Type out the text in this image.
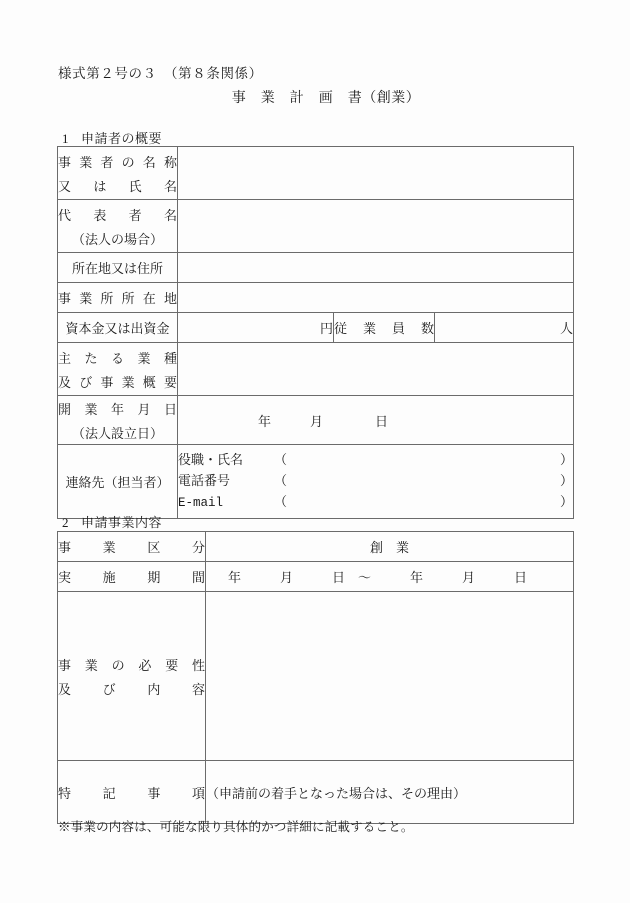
様式第２号の３　（第８条関係）
事　業　計　画　書（創業）
1 申請者の概要
事業者の名称
又は氏名			

代表者名
（法人の場合）			

所在地又は住所			

事業所所在地			

資本金又は出資金	円	従業員数	人

主たる業種
及び事業概要			

開業年月日
（法人設立日）	年　　　月　　　　日		

連絡先（担当者）

役職・氏名	（	）
電話番号	（	）
E-mail	（	）
2 申請事業内容
事業区分	創　業

実施期間	年　　　月　　　日　～　　　年　　　月　　　日

事業の必要性
及び内容	

特記事項	（申請前の着手となった場合は、その理由）
※事業の内容は、可能な限り具体的かつ詳細に記載すること。
